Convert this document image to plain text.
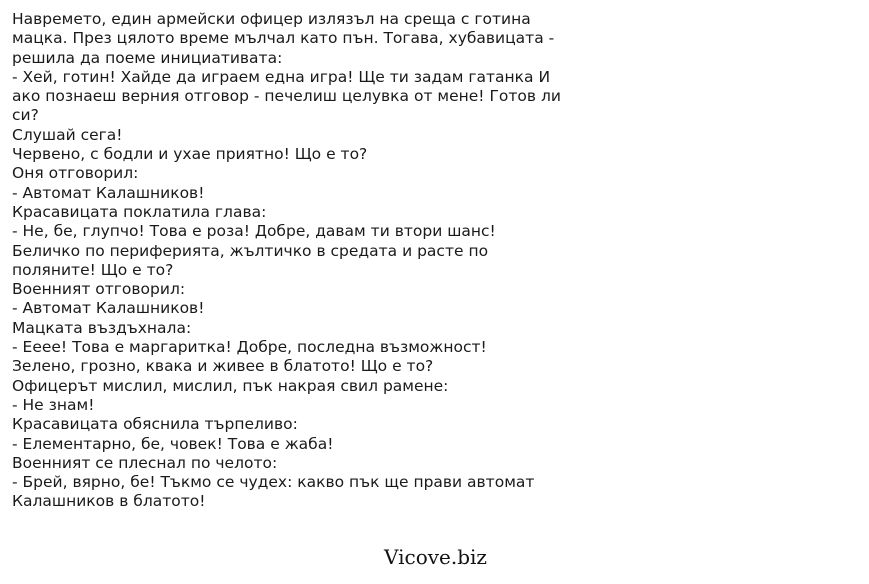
Навремето, един армейски офицер излязъл на среща с готина мацка. През цялото време мълчал като пън. Тогава, хубавицата - решила да поеме инициативата:
- Хей, готин! Хайде да играем една игра! Ще ти задам гатанка И ако познаеш верния отговор - печелиш целувка от мене! Готов ли си?
Слушай сега!
Червено, с бодли и ухае приятно! Що е то?
Оня отговорил:
- Автомат Калашников!
Красавицата поклатила глава:
- Не, бе, глупчо! Това е роза! Добре, давам ти втори шанс!
Беличко по периферията, жълтичко в средата и расте по поляните! Що е то?
Военният отговорил:
- Автомат Калашников!
Мацката въздъхнала:
- Ееее! Това е маргаритка! Добре, последна възможност!
Зелено, грозно, квака и живее в блатото! Що е то?
Офицерът мислил, мислил, пък накрая свил рамене:
- Не знам!
Красавицата обяснила търпеливо:
- Елементарно, бе, човек! Това е жаба!
Военният се плеснал по челото:
- Брей, вярно, бе! Тъкмо се чудех: какво пък ще прави автомат Калашников в блатото!
Vicove.biz
